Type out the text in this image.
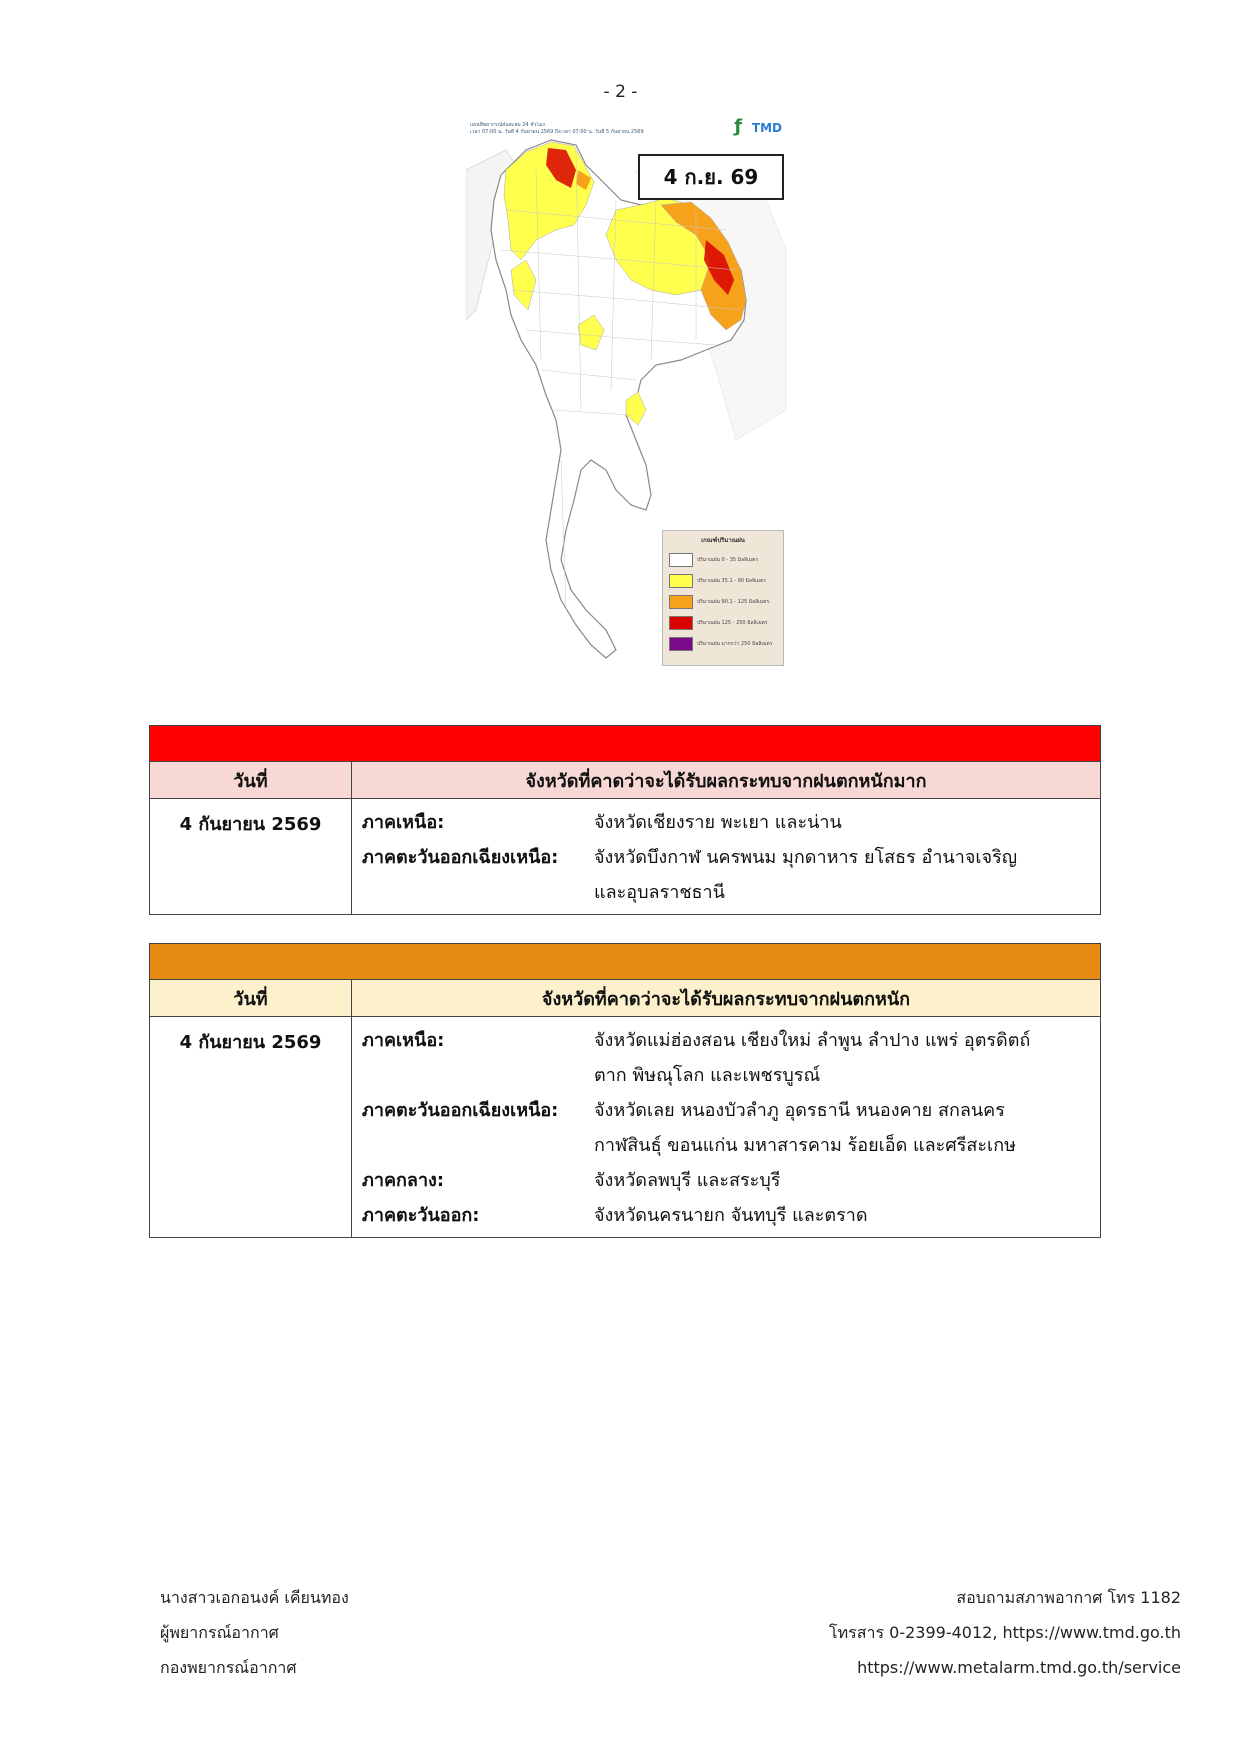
- 2 -
แผนที่พยากรณ์ฝนสะสม 24 ชั่วโมง
เวลา 07:00 น. วันที่ 4 กันยายน 2569 ถึงเวลา 07:00 น. วันที่ 5 กันยายน 2569	ƒ TMD
4 ก.ย. 69
เกณฑ์ปริมาณฝน
ปริมาณฝน 0 - 35 มิลลิเมตร
ปริมาณฝน 35.1 - 90 มิลลิเมตร
ปริมาณฝน 90.1 - 125 มิลลิเมตร
ปริมาณฝน 125 - 250 มิลลิเมตร
ปริมาณฝน มากกว่า 250 มิลลิเมตร
วันที่	จังหวัดที่คาดว่าจะได้รับผลกระทบจากฝนตกหนักมาก
4 กันยายน 2569	ภาคเหนือ:	จังหวัดเชียงราย พะเยา และน่าน
ภาคตะวันออกเฉียงเหนือ:	จังหวัดบึงกาฬ นครพนม มุกดาหาร ยโสธร อำนาจเจริญ
และอุบลราชธานี
วันที่	จังหวัดที่คาดว่าจะได้รับผลกระทบจากฝนตกหนัก
4 กันยายน 2569	ภาคเหนือ:	จังหวัดแม่ฮ่องสอน เชียงใหม่ ลำพูน ลำปาง แพร่ อุตรดิตถ์
ตาก พิษณุโลก และเพชรบูรณ์
ภาคตะวันออกเฉียงเหนือ:	จังหวัดเลย หนองบัวลำภู อุดรธานี หนองคาย สกลนคร
กาฬสินธุ์ ขอนแก่น มหาสารคาม ร้อยเอ็ด และศรีสะเกษ
ภาคกลาง:	จังหวัดลพบุรี และสระบุรี
ภาคตะวันออก:	จังหวัดนครนายก จันทบุรี และตราด
นางสาวเอกอนงค์ เคียนทอง
ผู้พยากรณ์อากาศ
กองพยากรณ์อากาศ
สอบถามสภาพอากาศ โทร 1182
โทรสาร 0-2399-4012, https://www.tmd.go.th
https://www.metalarm.tmd.go.th/service
